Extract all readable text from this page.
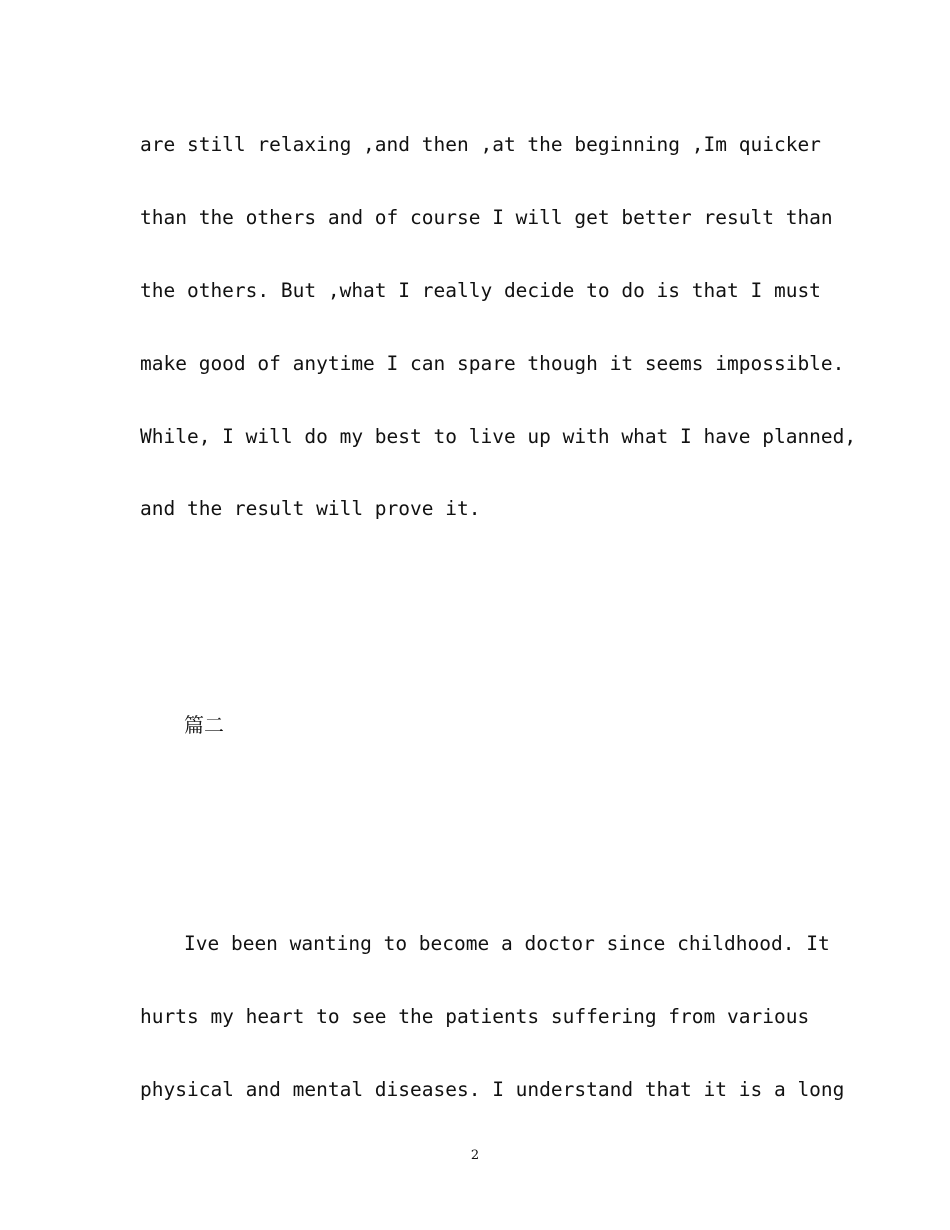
are still relaxing ,and then ,at the beginning ,Im quicker

than the others and of course I will get better result than

the others. But ,what I really decide to do is that I must

make good of anytime I can spare though it seems impossible.

While, I will do my best to live up with what I have planned,

and the result will prove it.

篇二

Ive been wanting to become a doctor since childhood. It

hurts my heart to see the patients suffering from various

physical and mental diseases. I understand that it is a long

2
